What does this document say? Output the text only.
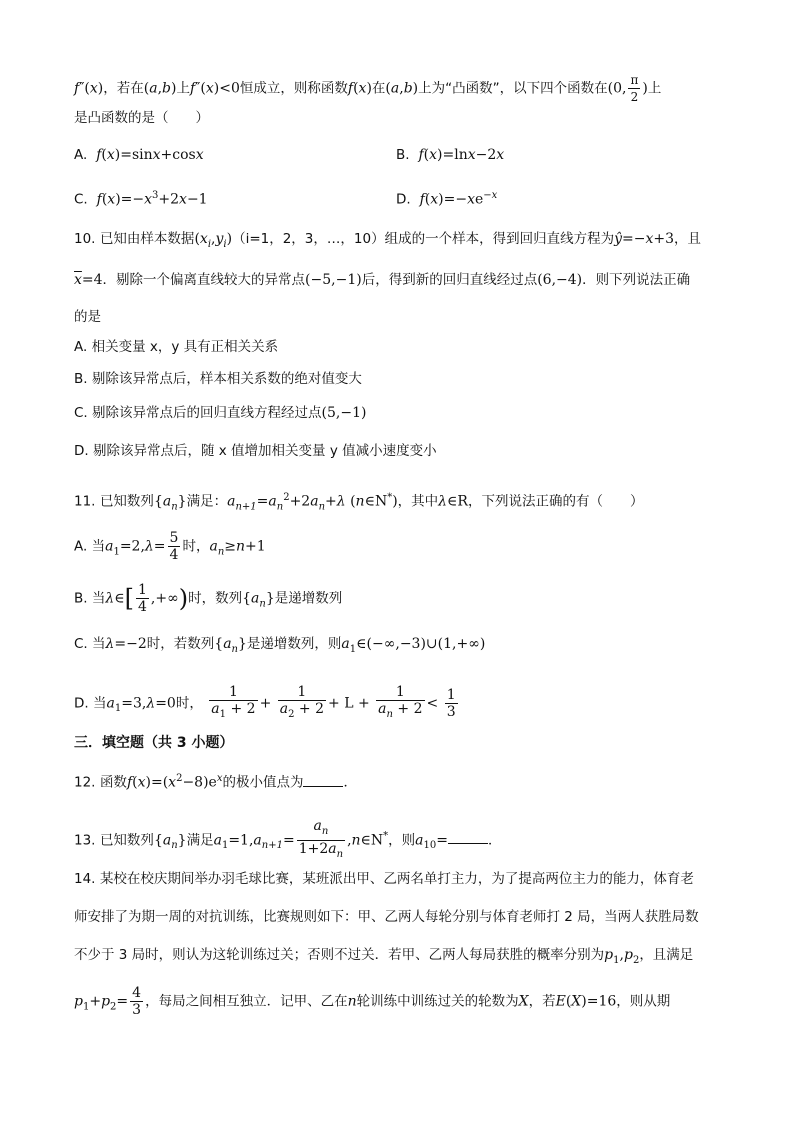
f″(x)，若在(a,b)上f″(x)<0恒成立，则称函数f(x)在(a,b)上为“凸函数”，以下四个函数在(0, $\frac{\pi}{2}$ )上
是凸函数的是（　　）
A. f(x)=sinx+cosx	B. f(x)=lnx−2x
C. $f(x)=-x^3+2x-1$	D. $f(x)=-xe^{-x}$
10. 已知由样本数据$(x_i,y_i)(i=1$，2，3，…，10）组成的一个样本，得到回归直线方程为ŷ=−x+3，且
$\overline{x}=4$．剔除一个偏离直线较大的异常点(−5,−1)后，得到新的回归直线经过点(6,−4)．则下列说法正确
的是
A. 相关变量 x，y 具有正相关关系
B. 剔除该异常点后，样本相关系数的绝对值变大
C. 剔除该异常点后的回归直线方程经过点(5,−1)
D. 剔除该异常点后，随 x 值增加相关变量 y 值减小速度变小
11. 已知数列$\{a_n\}$满足：$a_{n+1}=a_n^2+2a_n+\lambda$ (n∈N*)，其中λ∈R，下列说法正确的有（　　）
A. 当$a_1=2,\lambda= \frac{5}{4}$ 时，$a_n\ge n+1$
B. 当λ∈[ $\frac{1}{4}$ ,+∞)时，数列$\{a_n\}$是递增数列
C. 当λ=−2时，若数列$\{a_n\}$是递增数列，则$a_1\in(-\infty,-3)\cup(1,+\infty)$
D. 当$a_1=3,\lambda=0$时， $\frac{1}{a_1 + 2} + \frac{1}{a_2 + 2} + L + \frac{1}{a_n + 2} < \frac{1}{3}$
三．填空题（共 3 小题）
12. 函数$f(x)=(x^2-8)e^x$的极小值点为	．
13. 已知数列$\{a_n\}$满足$a_1=1,a_{n+1}= \frac{a_n}{1+2a_n}$ ,n∈N*，则$a_{10}=$	．
14. 某校在校庆期间举办羽毛球比赛，某班派出甲、乙两名单打主力，为了提高两位主力的能力，体育老
师安排了为期一周的对抗训练，比赛规则如下：甲、乙两人每轮分别与体育老师打 2 局，当两人获胜局数
不少于 3 局时，则认为这轮训练过关；否则不过关．若甲、乙两人每局获胜的概率分别为$p_1,p_2$，且满足
$p_1+p_2= \frac{4}{3}$ ，每局之间相互独立．记甲、乙在n轮训练中训练过关的轮数为X，若E(X)=16，则从期
